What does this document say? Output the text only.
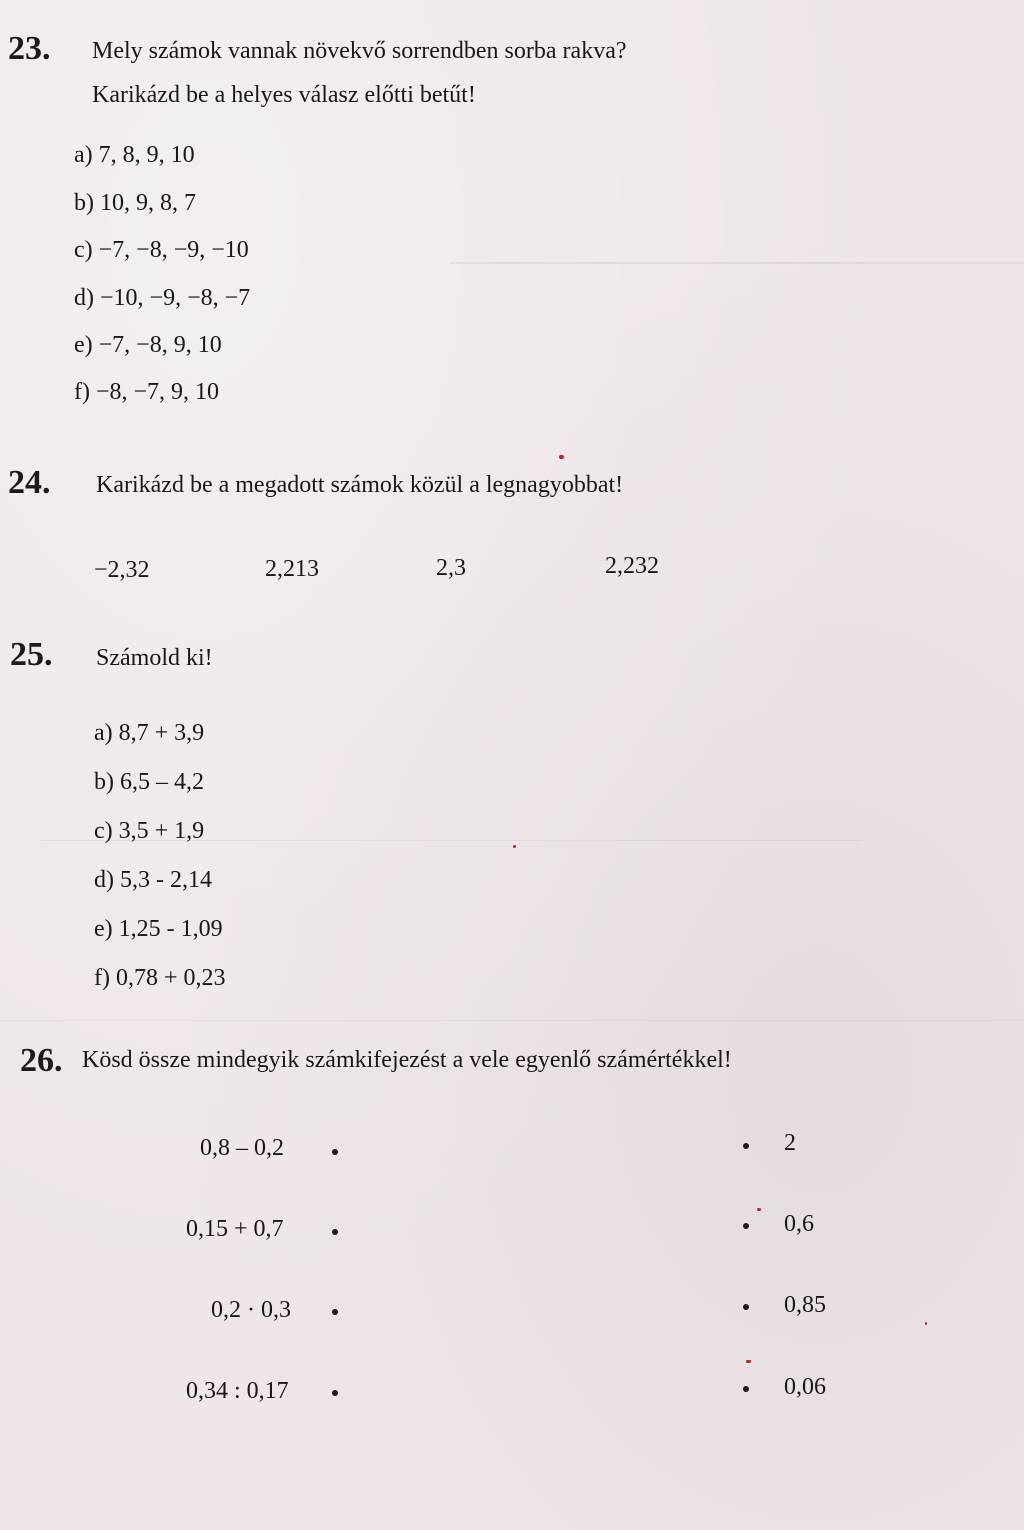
23. Mely számok vannak növekvő sorrendben sorba rakva?
Karikázd be a helyes válasz előtti betűt!
a) 7, 8, 9, 10
b) 10, 9, 8, 7
c) −7, −8, −9, −10
d) −10, −9, −8, −7
e) −7, −8, 9, 10
f) −8, −7, 9, 10
24. Karikázd be a megadott számok közül a legnagyobbat!
−2,32	2,213	2,3	2,232
25. Számold ki!
a) 8,7 + 3,9
b) 6,5 – 4,2
c) 3,5 + 1,9
d) 5,3 - 2,14
e) 1,25 - 1,09
f) 0,78 + 0,23
26. Kösd össze mindegyik számkifejezést a vele egyenlő számértékkel!
0,8 – 0,2
0,15 + 0,7
0,2 · 0,3
0,34 : 0,17
2
0,6
0,85
0,06
